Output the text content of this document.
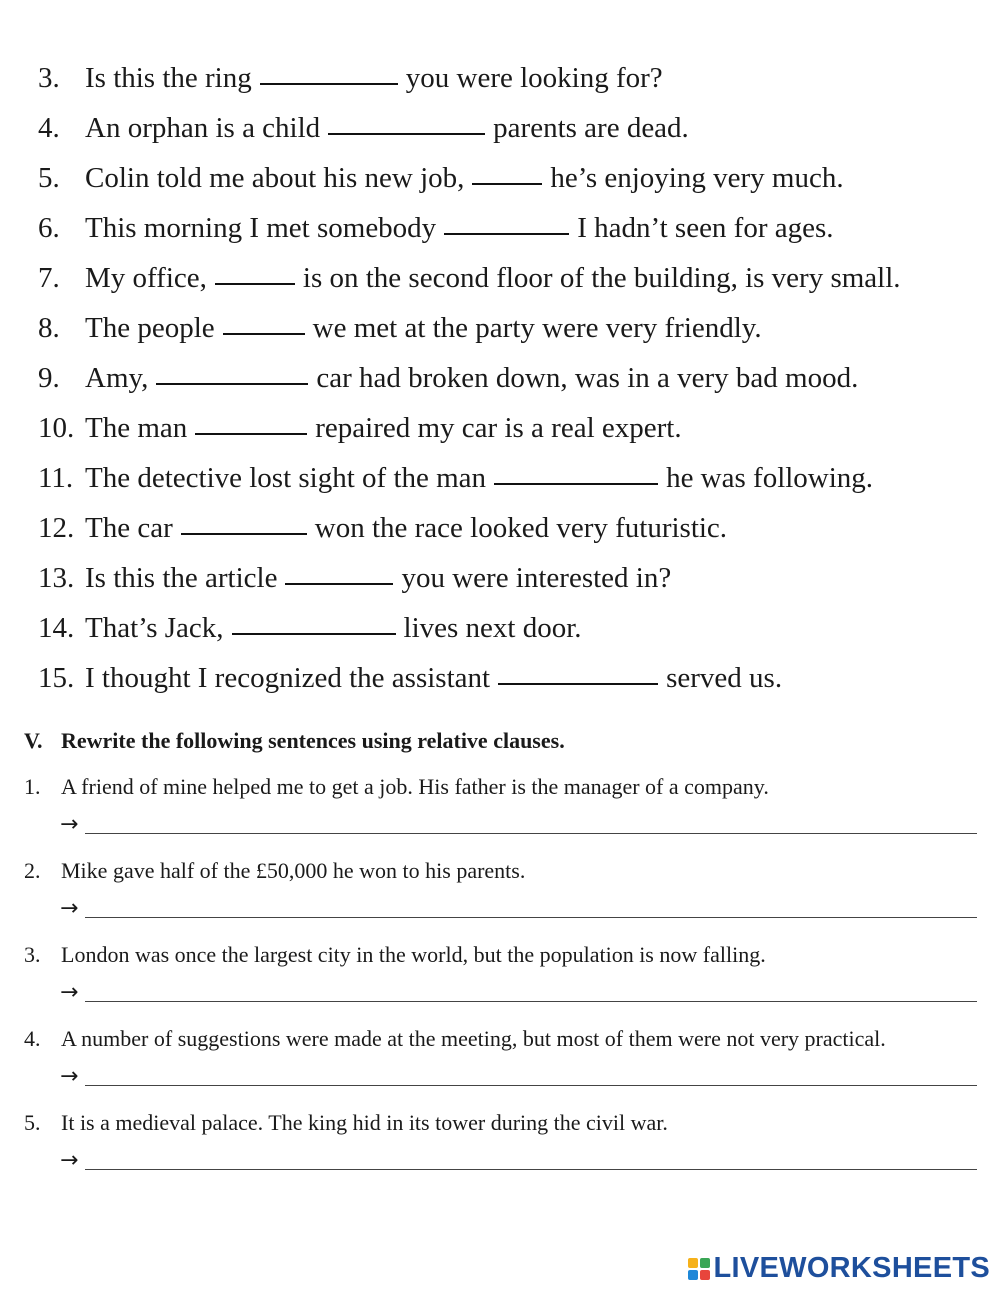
3. Is this the ring	you were looking for?
4. An orphan is a child	parents are dead.
5. Colin told me about his new job,	he’s enjoying very much.
6. This morning I met somebody	I hadn’t seen for ages.
7. My office,	is on the second floor of the building, is very small.
8. The people	we met at the party were very friendly.
9. Amy,	car had broken down, was in a very bad mood.
10. The man	repaired my car is a real expert.
11. The detective lost sight of the man	he was following.
12. The car	won the race looked very futuristic.
13. Is this the article	you were interested in?
14. That’s Jack,	lives next door.
15. I thought I recognized the assistant	served us.
V. Rewrite the following sentences using relative clauses.
1. A friend of mine helped me to get a job. His father is the manager of a company.
→
2. Mike gave half of the £50,000 he won to his parents.
→
3. London was once the largest city in the world, but the population is now falling.
→
4. A number of suggestions were made at the meeting, but most of them were not very practical.
→
5. It is a medieval palace. The king hid in its tower during the civil war.
→
LIVEWORKSHEETS
